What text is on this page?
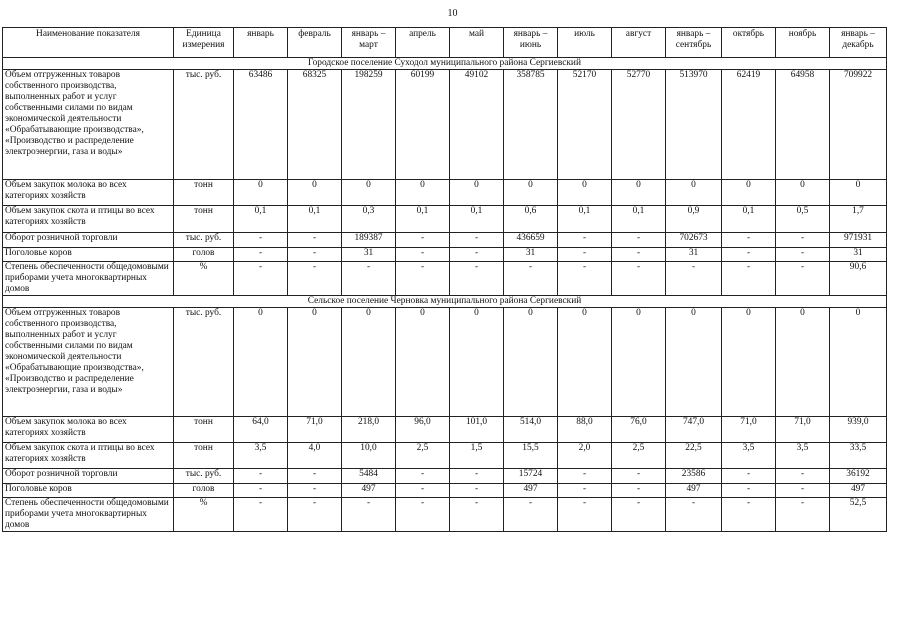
10
Наименование показателя	Единица измерения	январь	февраль	январь – март	апрель	май	январь – июнь	июль	август	январь – сентябрь	октябрь	ноябрь	январь – декабрь
Городское поселение Суходол муниципального района Сергиевский													
Объем отгруженных товаров собственного производства, выполненных работ и услуг собственными силами по видам экономической деятельности «Обрабатывающие производства», «Производство и распределение электроэнергии, газа и воды»	тыс. руб.	63486	68325	198259	60199	49102	358785	52170	52770	513970	62419	64958	709922
Объем закупок молока во всех категориях хозяйств	тонн	0	0	0	0	0	0	0	0	0	0	0	0
Объем закупок скота и птицы во всех категориях хозяйств	тонн	0,1	0,1	0,3	0,1	0,1	0,6	0,1	0,1	0,9	0,1	0,5	1,7
Оборот розничной торговли	тыс. руб.	-	-	189387	-	-	436659	-	-	702673	-	-	971931
Поголовье коров	голов	-	-	31	-	-	31	-	-	31	-	-	31
Степень обеспеченности общедомовыми приборами учета многоквартирных домов	%	-	-	-	-	-	-	-	-	-	-	-	90,6
Сельское поселение Черновка муниципального района Сергиевский													
Объем отгруженных товаров собственного производства, выполненных работ и услуг собственными силами по видам экономической деятельности «Обрабатывающие производства», «Производство и распределение электроэнергии, газа и воды»	тыс. руб.	0	0	0	0	0	0	0	0	0	0	0	0
Объем закупок молока во всех категориях хозяйств	тонн	64,0	71,0	218,0	96,0	101,0	514,0	88,0	76,0	747,0	71,0	71,0	939,0
Объем закупок скота и птицы во всех категориях хозяйств	тонн	3,5	4,0	10,0	2,5	1,5	15,5	2,0	2,5	22,5	3,5	3,5	33,5
Оборот розничной торговли	тыс. руб.	-	-	5484	-	-	15724	-	-	23586	-	-	36192
Поголовье коров	голов	-	-	497	-	-	497	-	-	497	-	-	497
Степень обеспеченности общедомовыми приборами учета многоквартирных домов	%	-	-	-	-	-	-	-	-	-	-	-	52,5
